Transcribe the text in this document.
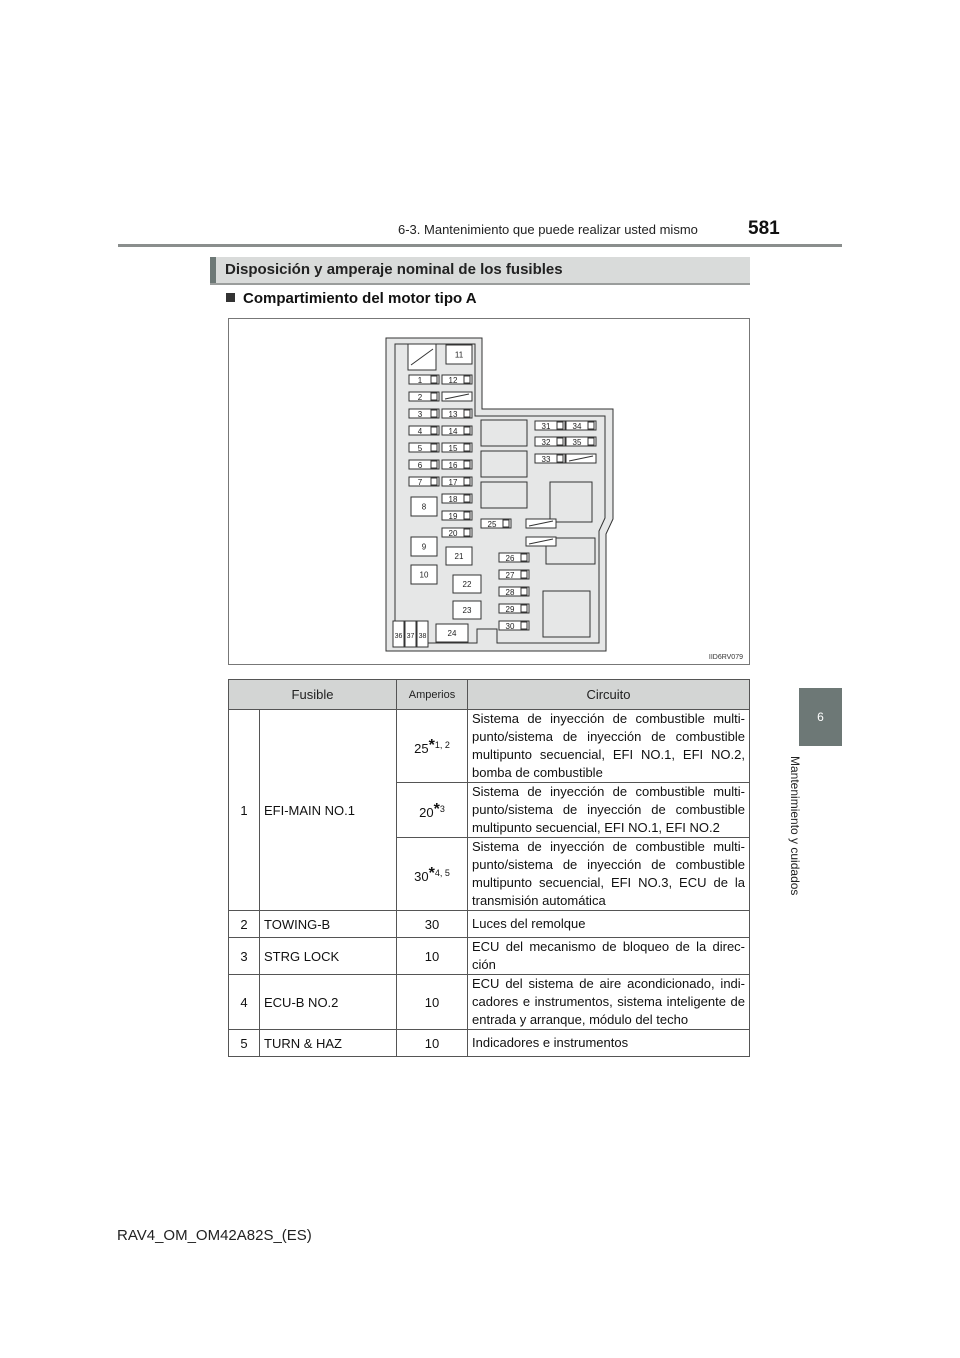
6-3. Mantenimiento que puede realizar usted mismo	581
6
Mantenimiento y cuidados
Disposición y amperaje nominal de los fusibles
Compartimiento del motor tipo A
1
2
3
4
5
6
7
8
9
10
11
12
13
14
15
16
17
18
19
20
21
22
23
24
25
26
27
28
29
30
31
32
33
34
35
36 37 38
IID6RV079
Fusible		Amperios	Circuito
1	EFI-MAIN NO.1	25*$^{1, 2}$	Sistema de inyección de combustible multi-punto/sistema de inyección de combustible multipunto secuencial, EFI NO.1, EFI NO.2, bomba de combustible
		20*$^3$	Sistema de inyección de combustible multi-punto/sistema de inyección de combustible multipunto secuencial, EFI NO.1, EFI NO.2
		30*$^{4, 5}$	Sistema de inyección de combustible multi-punto/sistema de inyección de combustible multipunto secuencial, EFI NO.3, ECU de la transmisión automática
2	TOWING-B	30	Luces del remolque
3	STRG LOCK	10	ECU del mecanismo de bloqueo de la direc-ción
4	ECU-B NO.2	10	ECU del sistema de aire acondicionado, indi-cadores e instrumentos, sistema inteligente de entrada y arranque, módulo del techo
5	TURN & HAZ	10	Indicadores e instrumentos
RAV4_OM_OM42A82S_(ES)
